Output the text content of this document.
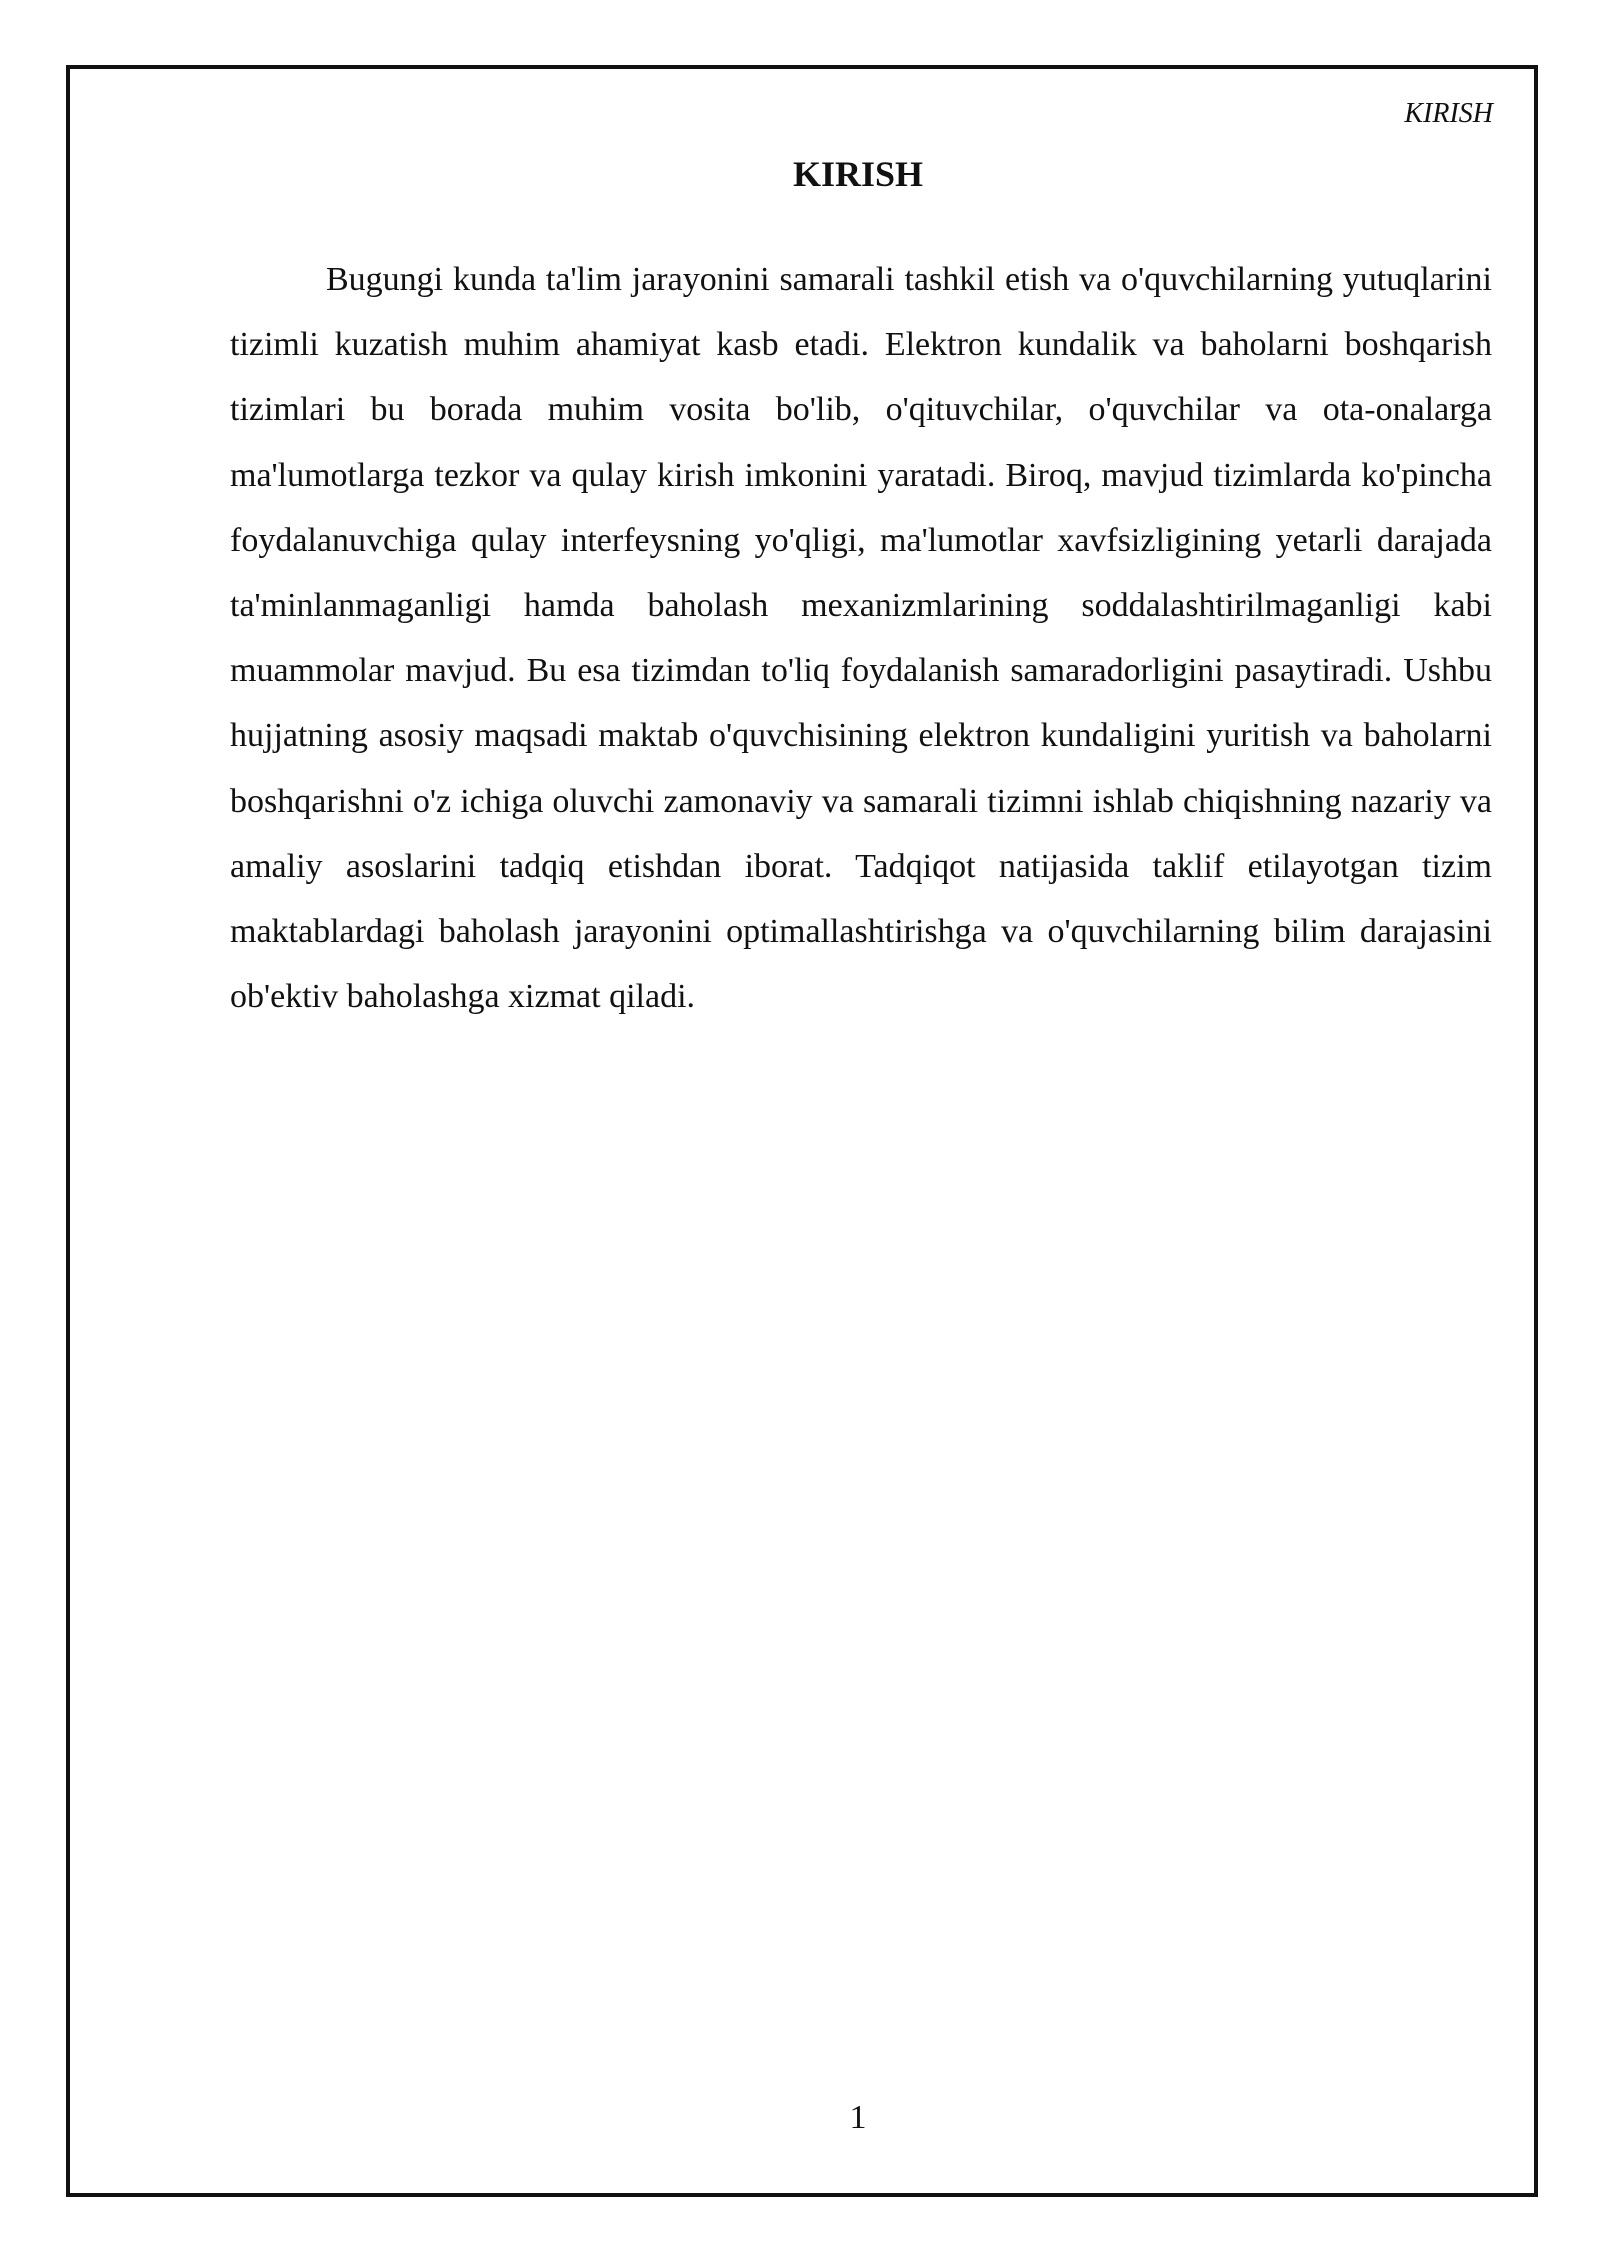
KIRISH
KIRISH

Bugungi kunda ta'lim jarayonini samarali tashkil etish va o'quvchilarning yutuqlarini tizimli kuzatish muhim ahamiyat kasb etadi. Elektron kundalik va baholarni boshqarish tizimlari bu borada muhim vosita bo'lib, o'qituvchilar, o'quvchilar va ota-onalarga ma'lumotlarga tezkor va qulay kirish imkonini yaratadi. Biroq, mavjud tizimlarda ko'pincha foydalanuvchiga qulay interfeysning yo'qligi, ma'lumotlar xavfsizligining yetarli darajada ta'minlanmaganligi hamda baholash mexanizmlarining soddalashtirilmaganligi kabi muammolar mavjud. Bu esa tizimdan to'liq foydalanish samaradorligini pasaytiradi. Ushbu hujjatning asosiy maqsadi maktab o'quvchisining elektron kundaligini yuritish va baholarni boshqarishni o'z ichiga oluvchi zamonaviy va samarali tizimni ishlab chiqishning nazariy va amaliy asoslarini tadqiq etishdan iborat. Tadqiqot natijasida taklif etilayotgan tizim maktablardagi baholash jarayonini optimallashtirishga va o'quvchilarning bilim darajasini ob'ektiv baholashga xizmat qiladi.

1
